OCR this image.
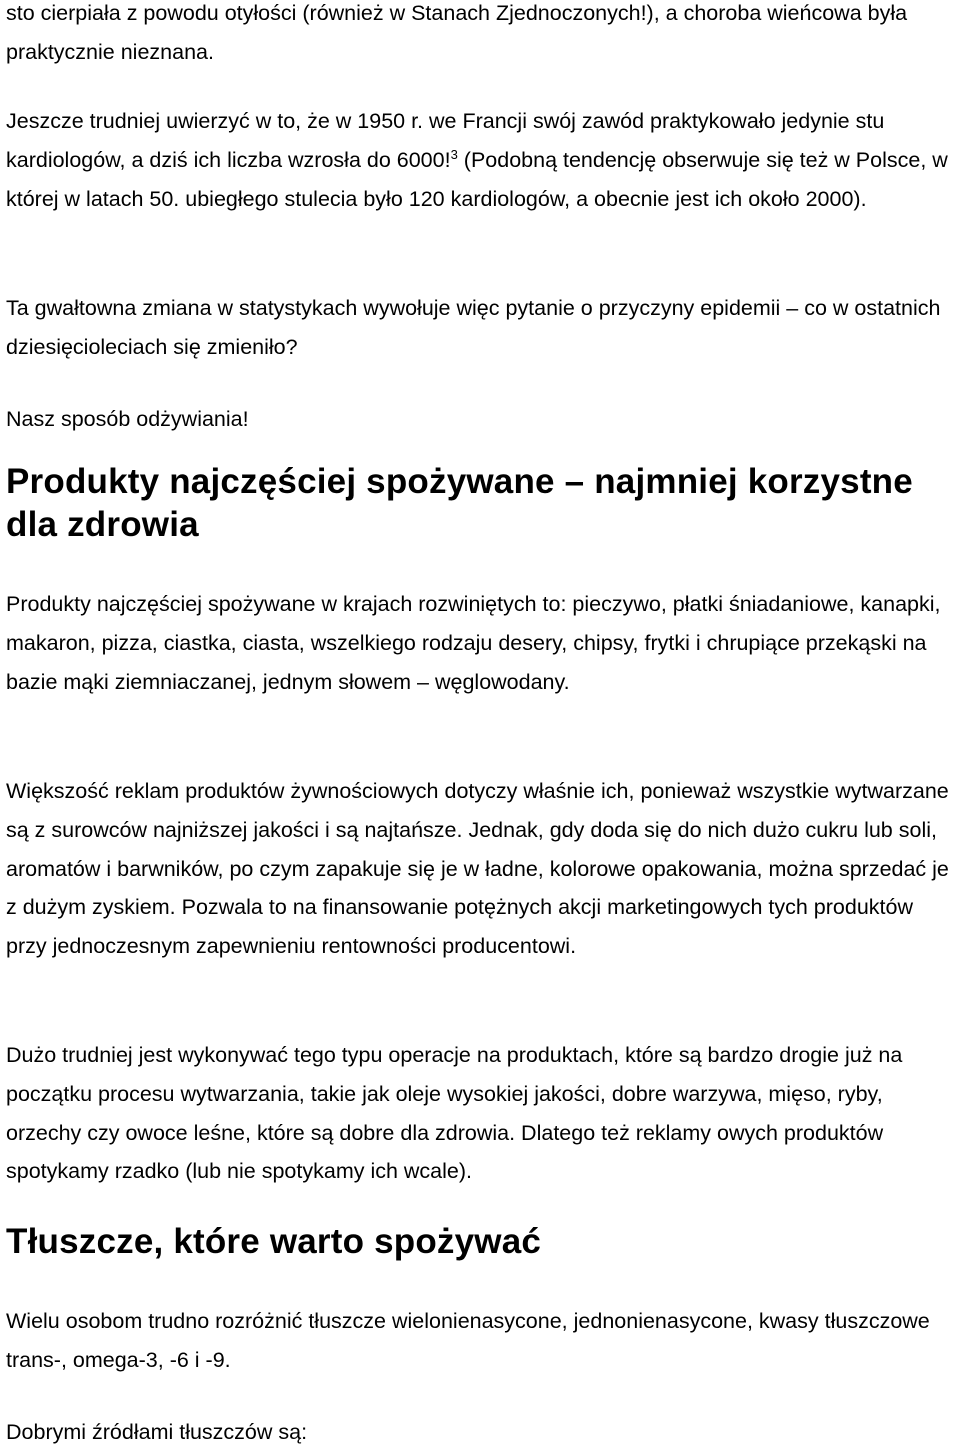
sto cierpiała z powodu otyłości (również w Stanach Zjednoczonych!), a choroba wieńcowa była praktycznie nieznana.

Jeszcze trudniej uwierzyć w to, że w 1950 r. we Francji swój zawód praktykowało jedynie stu kardiologów, a dziś ich liczba wzrosła do 6000!$^3$ (Podobną tendencję obserwuje się też w Polsce, w której w latach 50. ubiegłego stulecia było 120 kardiologów, a obecnie jest ich około 2000).

Ta gwałtowna zmiana w statystykach wywołuje więc pytanie o przyczyny epidemii – co w ostatnich dziesięcioleciach się zmieniło?

Nasz sposób odżywiania!

Produkty najczęściej spożywane – najmniej korzystne dla zdrowia

Produkty najczęściej spożywane w krajach rozwiniętych to: pieczywo, płatki śniadaniowe, kanapki, makaron, pizza, ciastka, ciasta, wszelkiego rodzaju desery, chipsy, frytki i chrupiące przekąski na bazie mąki ziemniaczanej, jednym słowem – węglowodany.

Większość reklam produktów żywnościowych dotyczy właśnie ich, ponieważ wszystkie wytwarzane są z surowców najniższej jakości i są najtańsze. Jednak, gdy doda się do nich dużo cukru lub soli, aromatów i barwników, po czym zapakuje się je w ładne, kolorowe opakowania, można sprzedać je z dużym zyskiem. Pozwala to na finansowanie potężnych akcji marketingowych tych produktów przy jednoczesnym zapewnieniu rentowności producentowi.

Dużo trudniej jest wykonywać tego typu operacje na produktach, które są bardzo drogie już na początku procesu wytwarzania, takie jak oleje wysokiej jakości, dobre warzywa, mięso, ryby, orzechy czy owoce leśne, które są dobre dla zdrowia. Dlatego też reklamy owych produktów spotykamy rzadko (lub nie spotykamy ich wcale).

Tłuszcze, które warto spożywać

Wielu osobom trudno rozróżnić tłuszcze wielonienasycone, jednonienasycone, kwasy tłuszczowe trans-, omega-3, -6 i -9.

Dobrymi źródłami tłuszczów są:
